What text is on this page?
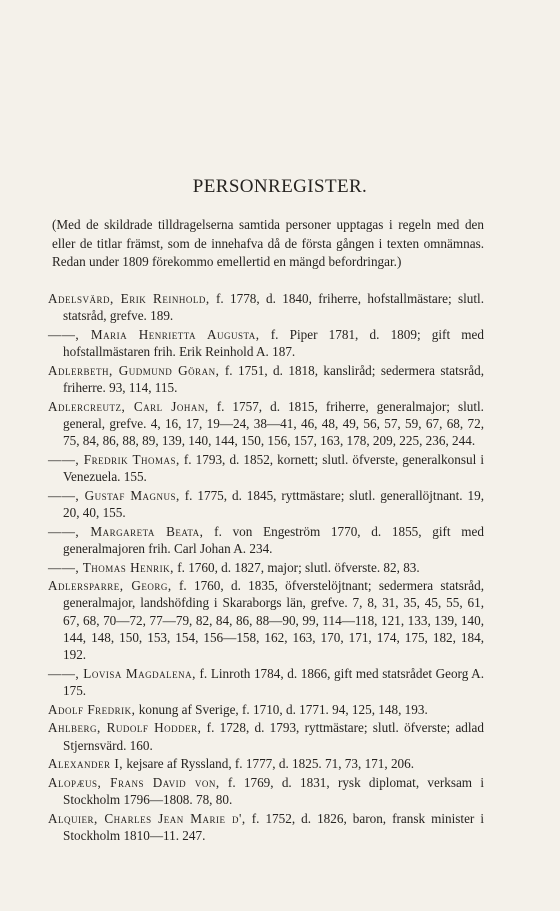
PERSONREGISTER.

(Med de skildrade tilldragelserna samtida personer upptagas i regeln med den eller de titlar främst, som de innehafva då de första gången i texten omnämnas. Redan under 1809 förekommo emellertid en mängd befordringar.)

Adelsvärd, Erik Reinhold, f. 1778, d. 1840, friherre, hofstallmästare; slutl. statsråd, grefve. 189.

——, Maria Henrietta Augusta, f. Piper 1781, d. 1809; gift med hofstallmästaren frih. Erik Reinhold A. 187.

Adlerbeth, Gudmund Göran, f. 1751, d. 1818, kansliråd; sedermera statsråd, friherre. 93, 114, 115.

Adlercreutz, Carl Johan, f. 1757, d. 1815, friherre, generalmajor; slutl. general, grefve. 4, 16, 17, 19—24, 38—41, 46, 48, 49, 56, 57, 59, 67, 68, 72, 75, 84, 86, 88, 89, 139, 140, 144, 150, 156, 157, 163, 178, 209, 225, 236, 244.

——, Fredrik Thomas, f. 1793, d. 1852, kornett; slutl. öfverste, generalkonsul i Venezuela. 155.

——, Gustaf Magnus, f. 1775, d. 1845, ryttmästare; slutl. generallöjtnant. 19, 20, 40, 155.

——, Margareta Beata, f. von Engeström 1770, d. 1855, gift med generalmajoren frih. Carl Johan A. 234.

——, Thomas Henrik, f. 1760, d. 1827, major; slutl. öfverste. 82, 83.

Adlersparre, Georg, f. 1760, d. 1835, öfverstelöjtnant; sedermera statsråd, generalmajor, landshöfding i Skaraborgs län, grefve. 7, 8, 31, 35, 45, 55, 61, 67, 68, 70—72, 77—79, 82, 84, 86, 88—90, 99, 114—118, 121, 133, 139, 140, 144, 148, 150, 153, 154, 156—158, 162, 163, 170, 171, 174, 175, 182, 184, 192.

——, Lovisa Magdalena, f. Linroth 1784, d. 1866, gift med statsrådet Georg A. 175.

Adolf Fredrik, konung af Sverige, f. 1710, d. 1771. 94, 125, 148, 193.

Ahlberg, Rudolf Hodder, f. 1728, d. 1793, ryttmästare; slutl. öfverste; adlad Stjernsvärd. 160.

Alexander I, kejsare af Ryssland, f. 1777, d. 1825. 71, 73, 171, 206.

Alopæus, Frans David von, f. 1769, d. 1831, rysk diplomat, verksam i Stockholm 1796—1808. 78, 80.

Alquier, Charles Jean Marie d', f. 1752, d. 1826, baron, fransk minister i Stockholm 1810—11. 247.
